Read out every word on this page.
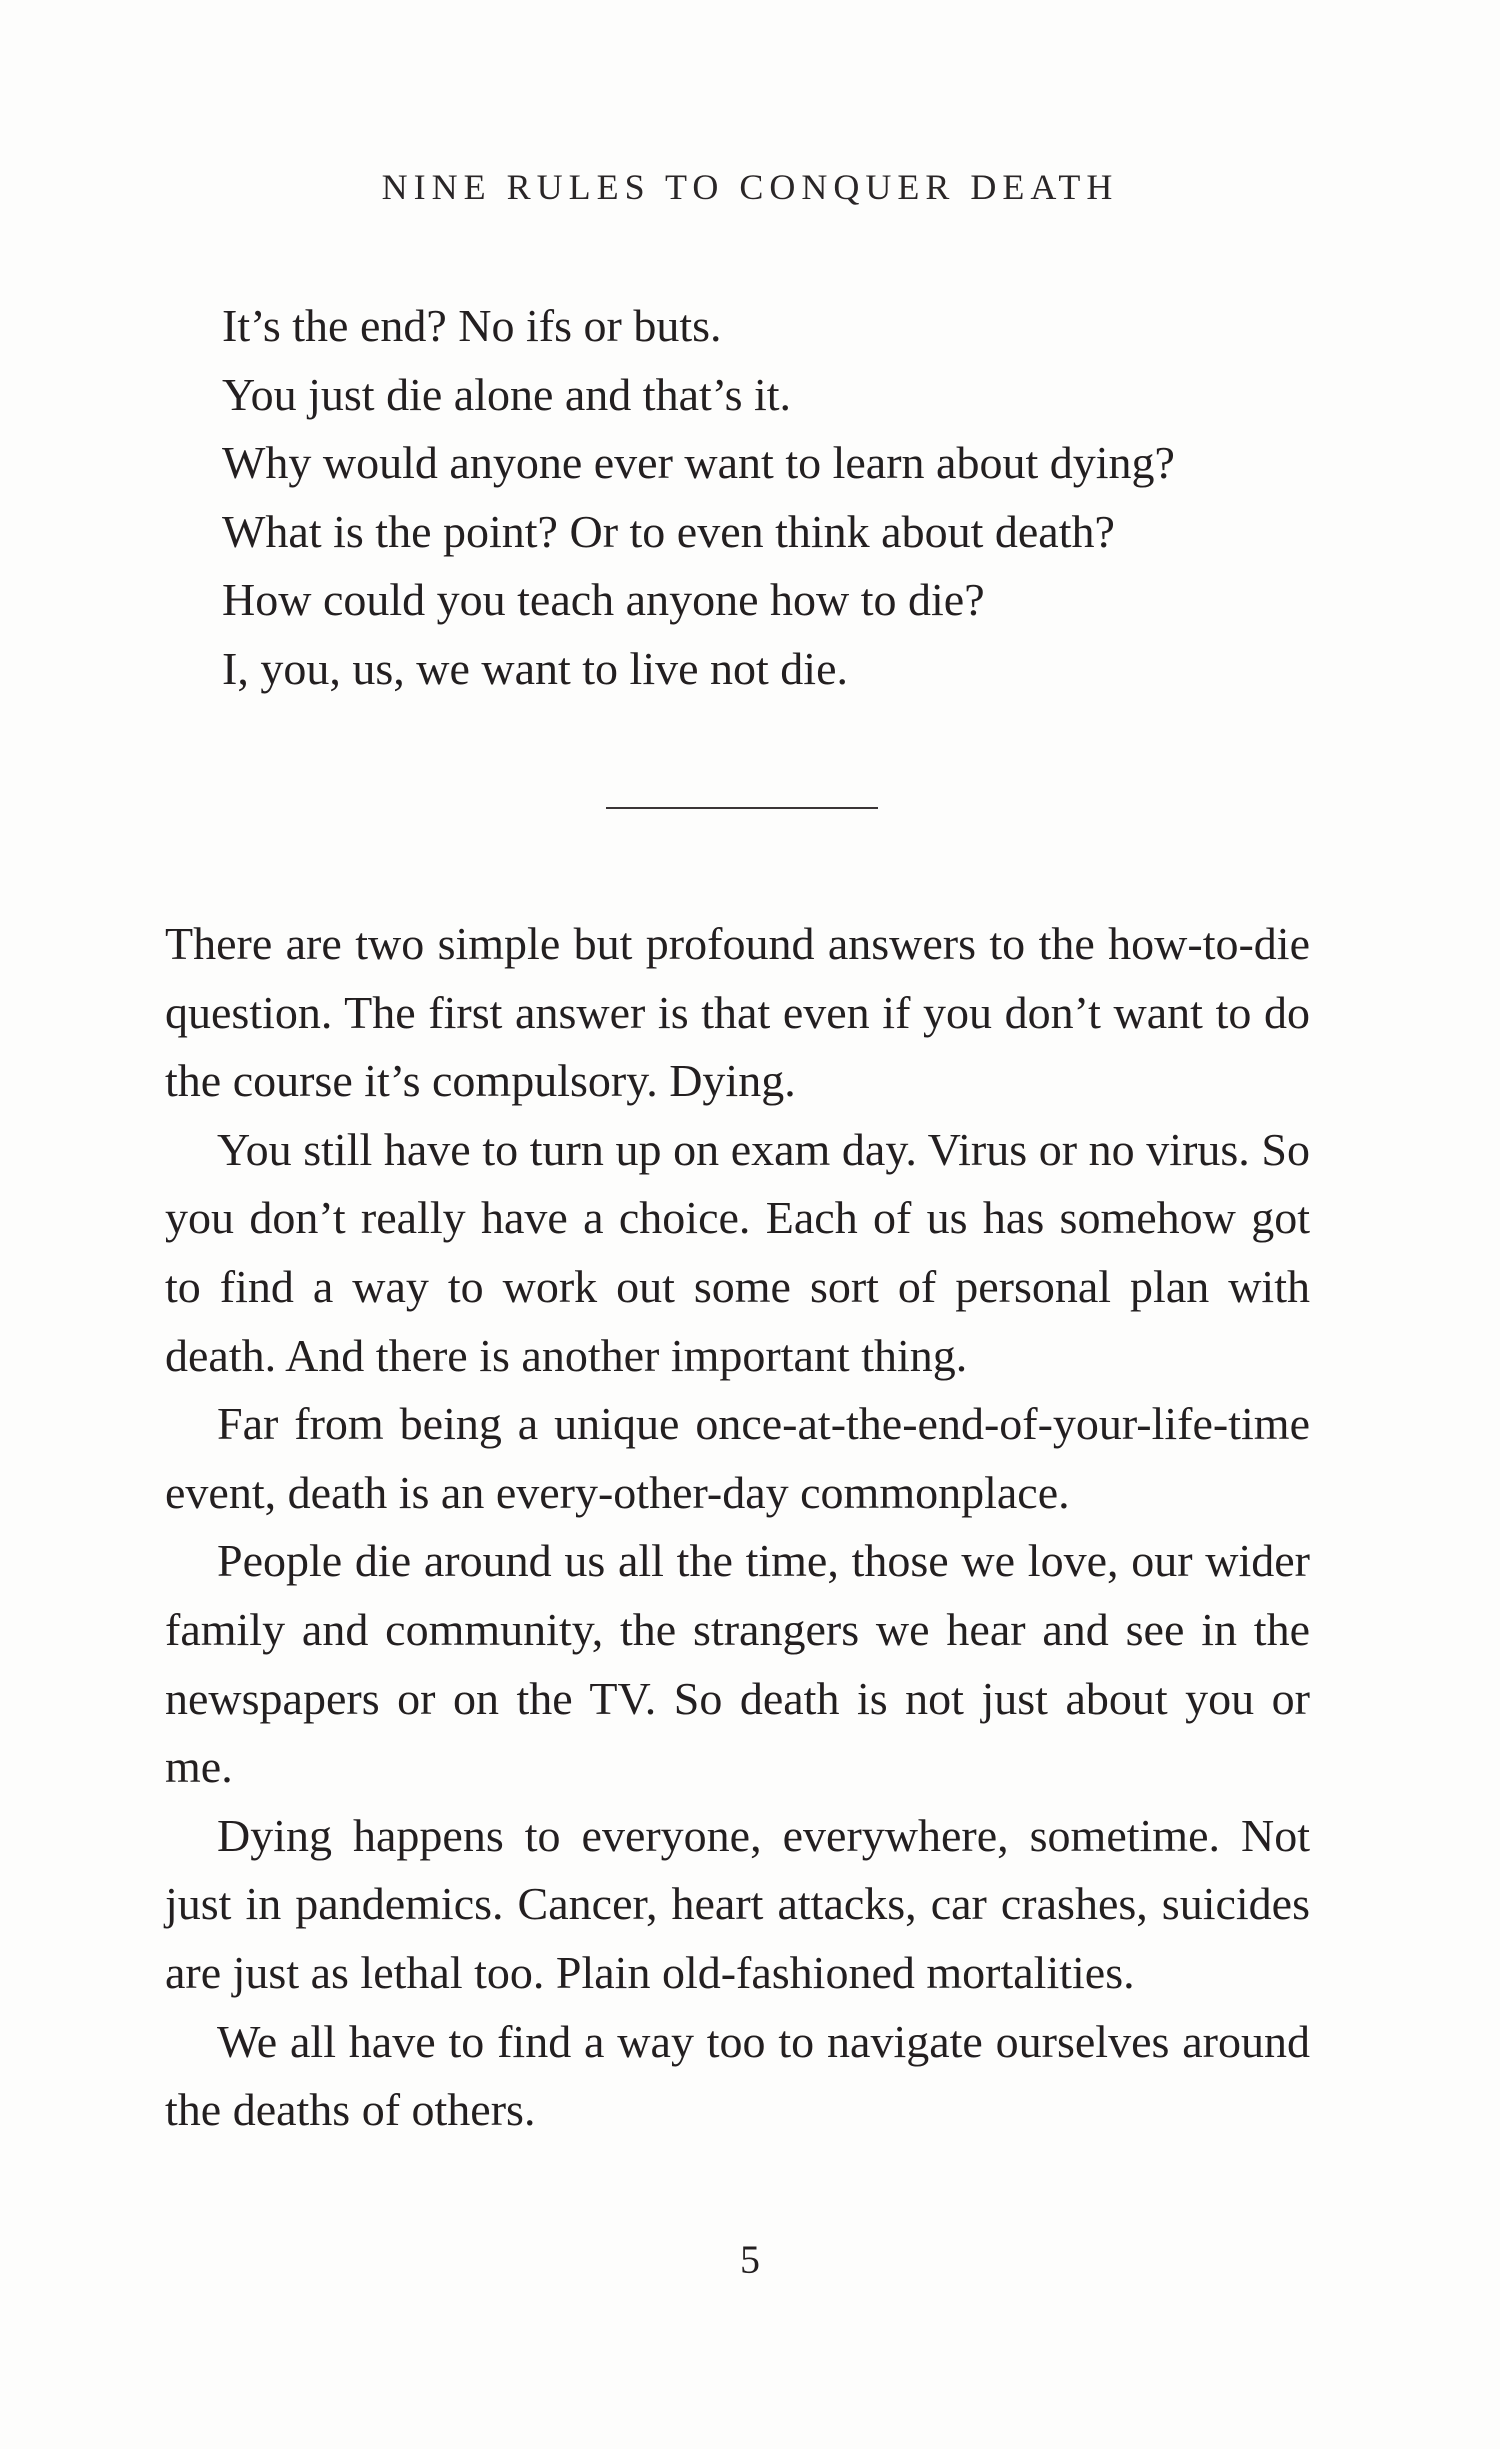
NINE RULES TO CONQUER DEATH
It’s the end? No ifs or buts.
You just die alone and that’s it.
Why would anyone ever want to learn about dying?
What is the point? Or to even think about death?
How could you teach anyone how to die?
I, you, us, we want to live not die.

There are two simple but profound answers to the how-to-die question. The first answer is that even if you don’t want to do the course it’s compulsory. Dying.

You still have to turn up on exam day. Virus or no virus. So you don’t really have a choice. Each of us has somehow got to find a way to work out some sort of personal plan with death. And there is another important thing.

Far from being a unique once-at-the-end-of-your-life-time event, death is an every-other-day commonplace.

People die around us all the time, those we love, our wider family and community, the strangers we hear and see in the newspapers or on the TV. So death is not just about you or me.

Dying happens to everyone, everywhere, sometime. Not just in pandemics. Cancer, heart attacks, car crashes, suicides are just as lethal too. Plain old-fashioned mortalities.

We all have to find a way too to navigate ourselves around the deaths of others.

5
